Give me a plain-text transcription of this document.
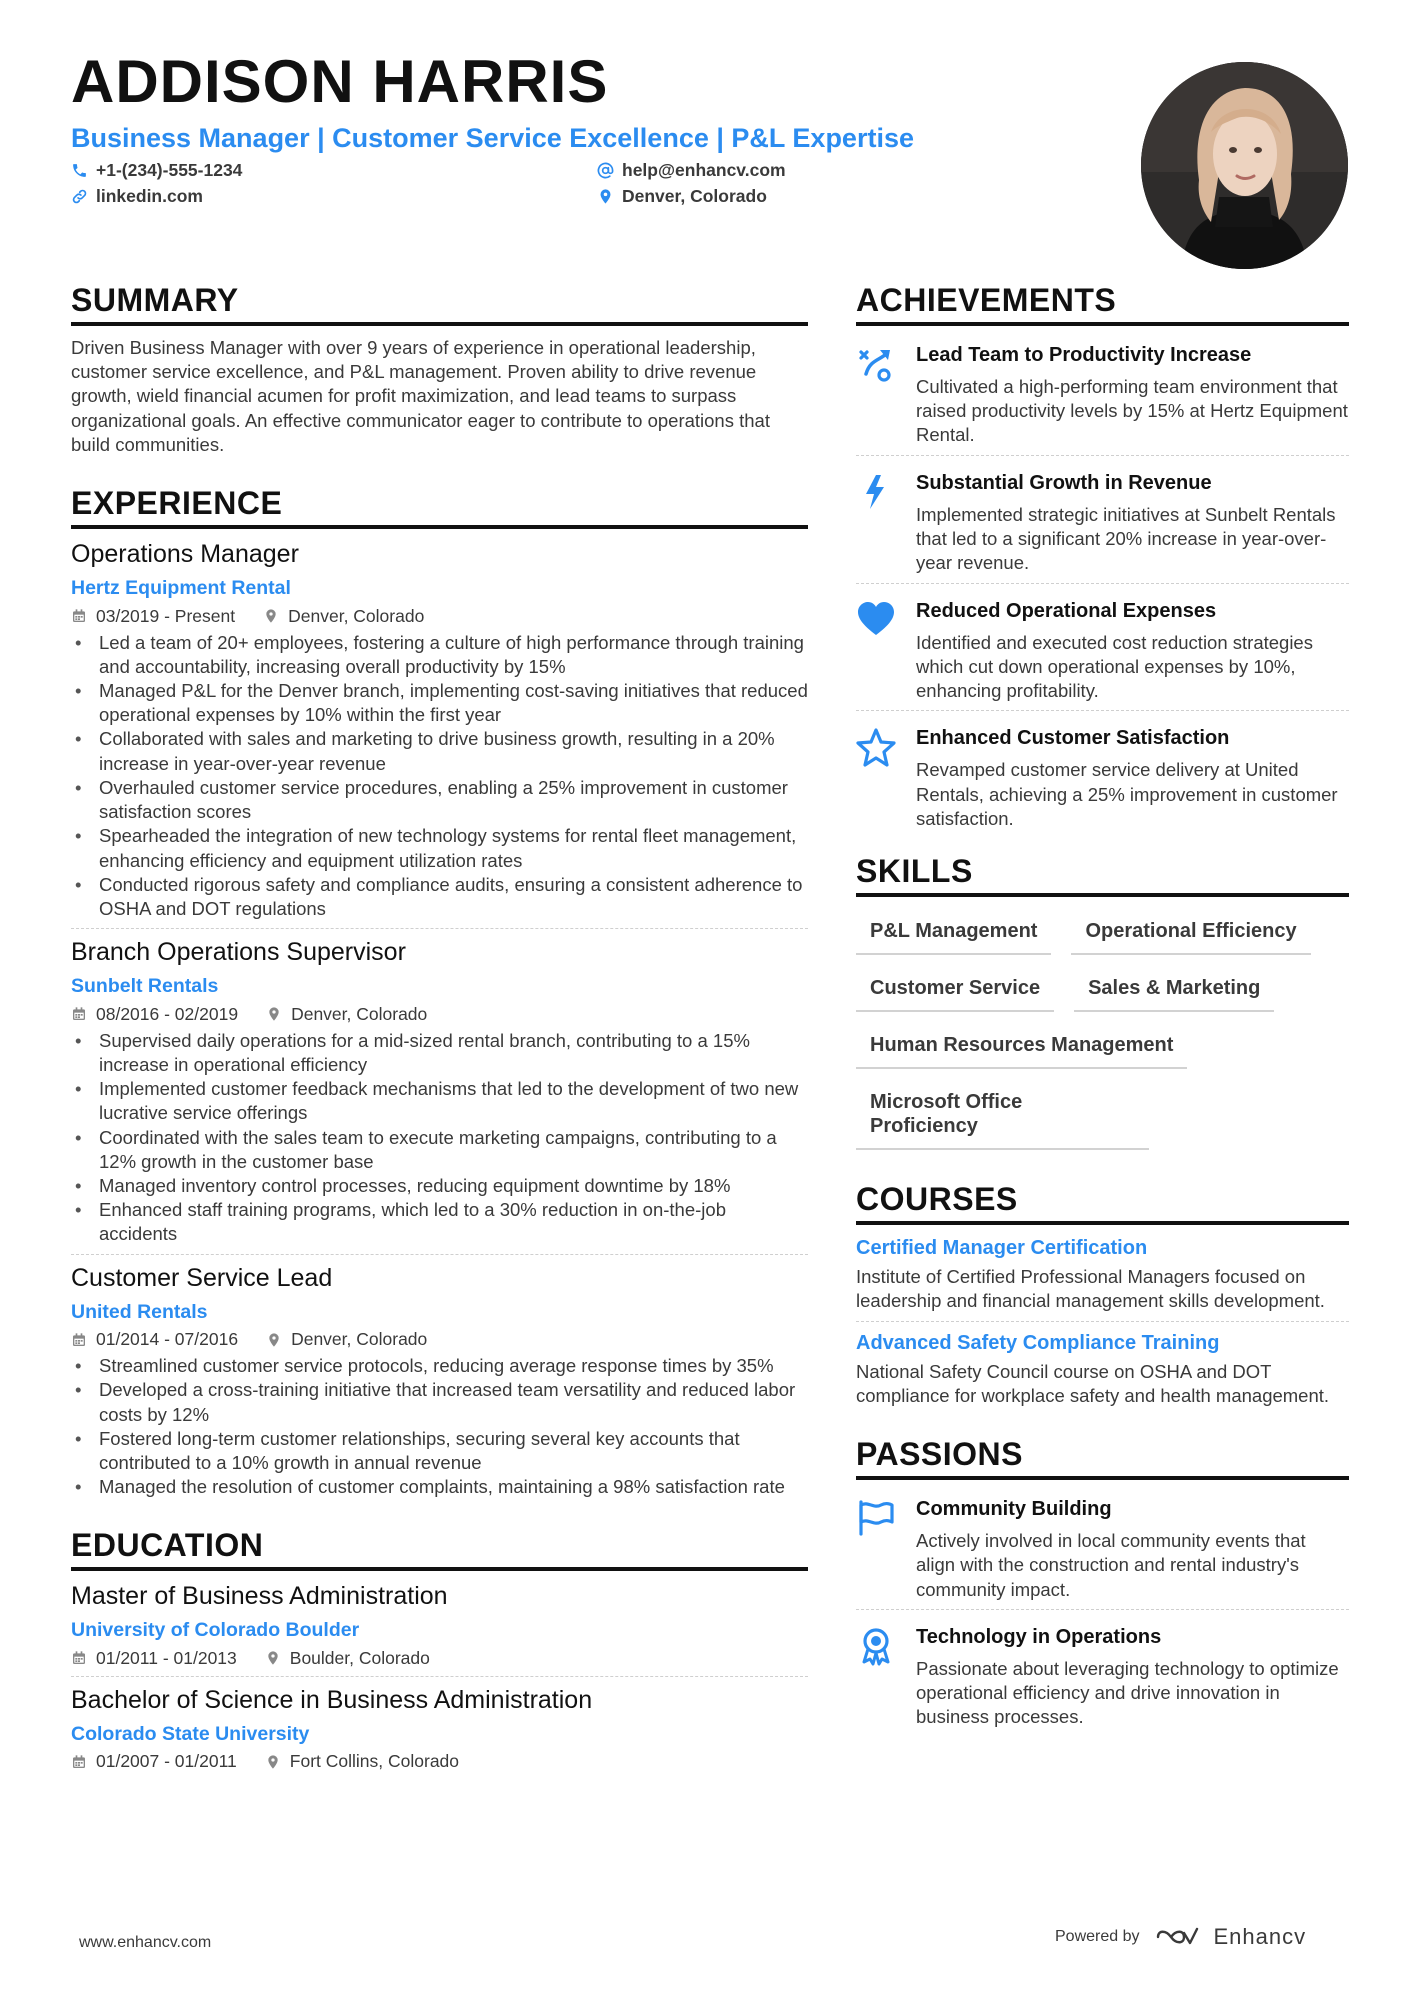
ADDISON HARRIS
Business Manager | Customer Service Excellence | P&L Expertise
+1-(234)-555-1234
linkedin.com
help@enhancv.com
Denver, Colorado
SUMMARY

Driven Business Manager with over 9 years of experience in operational leadership, customer service excellence, and P&L management. Proven ability to drive revenue growth, wield financial acumen for profit maximization, and lead teams to surpass organizational goals. An effective communicator eager to contribute to operations that build communities.

EXPERIENCE
Operations Manager
Hertz Equipment Rental
03/2019 - Present	Denver, Colorado
• Led a team of 20+ employees, fostering a culture of high performance through training and accountability, increasing overall productivity by 15%
• Managed P&L for the Denver branch, implementing cost-saving initiatives that reduced operational expenses by 10% within the first year
• Collaborated with sales and marketing to drive business growth, resulting in a 20% increase in year-over-year revenue
• Overhauled customer service procedures, enabling a 25% improvement in customer satisfaction scores
• Spearheaded the integration of new technology systems for rental fleet management, enhancing efficiency and equipment utilization rates
• Conducted rigorous safety and compliance audits, ensuring a consistent adherence to OSHA and DOT regulations
Branch Operations Supervisor
Sunbelt Rentals
08/2016 - 02/2019	Denver, Colorado
• Supervised daily operations for a mid-sized rental branch, contributing to a 15% increase in operational efficiency
• Implemented customer feedback mechanisms that led to the development of two new lucrative service offerings
• Coordinated with the sales team to execute marketing campaigns, contributing to a 12% growth in the customer base
• Managed inventory control processes, reducing equipment downtime by 18%
• Enhanced staff training programs, which led to a 30% reduction in on-the-job accidents
Customer Service Lead
United Rentals
01/2014 - 07/2016	Denver, Colorado
• Streamlined customer service protocols, reducing average response times by 35%
• Developed a cross-training initiative that increased team versatility and reduced labor costs by 12%
• Fostered long-term customer relationships, securing several key accounts that contributed to a 10% growth in annual revenue
• Managed the resolution of customer complaints, maintaining a 98% satisfaction rate
EDUCATION
Master of Business Administration
University of Colorado Boulder
01/2011 - 01/2013	Boulder, Colorado
Bachelor of Science in Business Administration
Colorado State University
01/2007 - 01/2011	Fort Collins, Colorado
ACHIEVEMENTS
Lead Team to Productivity Increase
Cultivated a high-performing team environment that raised productivity levels by 15% at Hertz Equipment Rental.
Substantial Growth in Revenue
Implemented strategic initiatives at Sunbelt Rentals that led to a significant 20% increase in year-over-year revenue.
Reduced Operational Expenses
Identified and executed cost reduction strategies which cut down operational expenses by 10%, enhancing profitability.
Enhanced Customer Satisfaction
Revamped customer service delivery at United Rentals, achieving a 25% improvement in customer satisfaction.
SKILLS
P&L Management	Operational Efficiency
Customer Service	Sales & Marketing
Human Resources Management
Microsoft Office Proficiency
COURSES
Certified Manager Certification
Institute of Certified Professional Managers focused on leadership and financial management skills development.
Advanced Safety Compliance Training
National Safety Council course on OSHA and DOT compliance for workplace safety and health management.
PASSIONS
Community Building
Actively involved in local community events that align with the construction and rental industry's community impact.
Technology in Operations
Passionate about leveraging technology to optimize operational efficiency and drive innovation in business processes.
www.enhancv.com	Powered by	Enhancv
